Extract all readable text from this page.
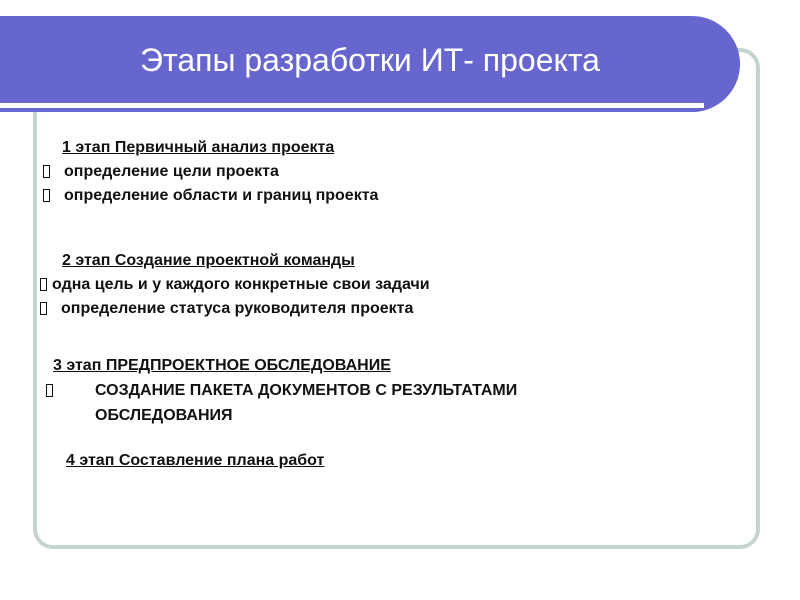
Этапы разработки ИТ- проекта
1 этап Первичный анализ проекта
определение цели проекта
определение области и границ проекта
2 этап Создание проектной команды
одна цель и у каждого конкретные свои задачи
определение статуса руководителя проекта
3 этап ПРЕДПРОЕКТНОЕ ОБСЛЕДОВАНИЕ
СОЗДАНИЕ ПАКЕТА ДОКУМЕНТОВ С РЕЗУЛЬТАТАМИ
ОБСЛЕДОВАНИЯ
4 этап Составление плана работ
